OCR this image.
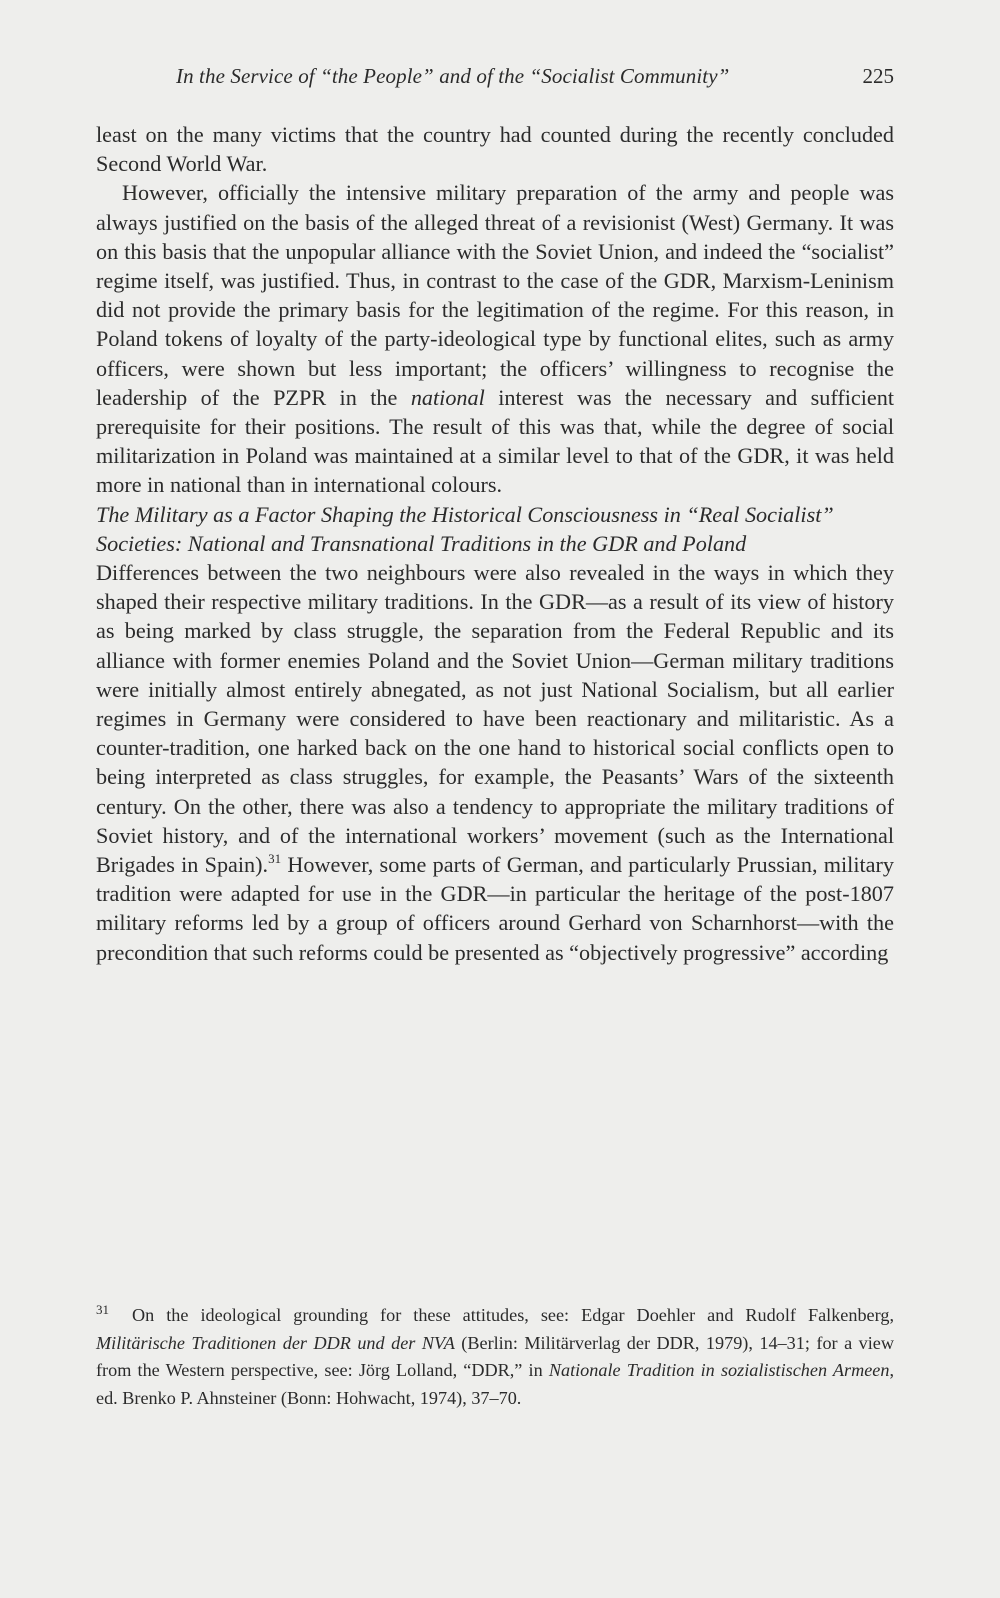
In the Service of “the People” and of the “Socialist Community”	225

least on the many victims that the country had counted during the recently concluded Second World War.

However, officially the intensive military preparation of the army and people was always justified on the basis of the alleged threat of a revisionist (West) Germany. It was on this basis that the unpopular alliance with the Soviet Union, and indeed the “socialist” regime itself, was justified. Thus, in contrast to the case of the GDR, Marxism-Leninism did not provide the primary basis for the legitimation of the regime. For this reason, in Poland tokens of loyalty of the party-ideological type by functional elites, such as army officers, were shown but less important; the officers’ willingness to recognise the leadership of the PZPR in the national interest was the necessary and sufficient prerequisite for their positions. The result of this was that, while the degree of social militarization in Poland was maintained at a similar level to that of the GDR, it was held more in national than in international colours.

The Military as a Factor Shaping the Historical Consciousness in “Real Socialist” Societies: National and Transnational Traditions in the GDR and Poland

Differences between the two neighbours were also revealed in the ways in which they shaped their respective military traditions. In the GDR—as a result of its view of history as being marked by class struggle, the separation from the Federal Republic and its alliance with former enemies Poland and the Soviet Union—German military traditions were initially almost entirely abnegated, as not just National Socialism, but all earlier regimes in Germany were considered to have been reactionary and militaristic. As a counter-tradition, one harked back on the one hand to historical social conflicts open to being interpreted as class struggles, for example, the Peasants’ Wars of the sixteenth century. On the other, there was also a tendency to appropriate the military traditions of Soviet history, and of the international workers’ movement (such as the International Brigades in Spain).$^{31}$ However, some parts of German, and particularly Prussian, military tradition were adapted for use in the GDR—in particular the heritage of the post-1807 military reforms led by a group of officers around Gerhard von Scharnhorst—with the precondition that such reforms could be presented as “objectively progressive” according

31 On the ideological grounding for these attitudes, see: Edgar Doehler and Rudolf Falkenberg, Militärische Traditionen der DDR und der NVA (Berlin: Militärverlag der DDR, 1979), 14–31; for a view from the Western perspective, see: Jörg Lolland, “DDR,” in Nationale Tradition in sozialistischen Armeen, ed. Brenko P. Ahnsteiner (Bonn: Hohwacht, 1974), 37–70.
